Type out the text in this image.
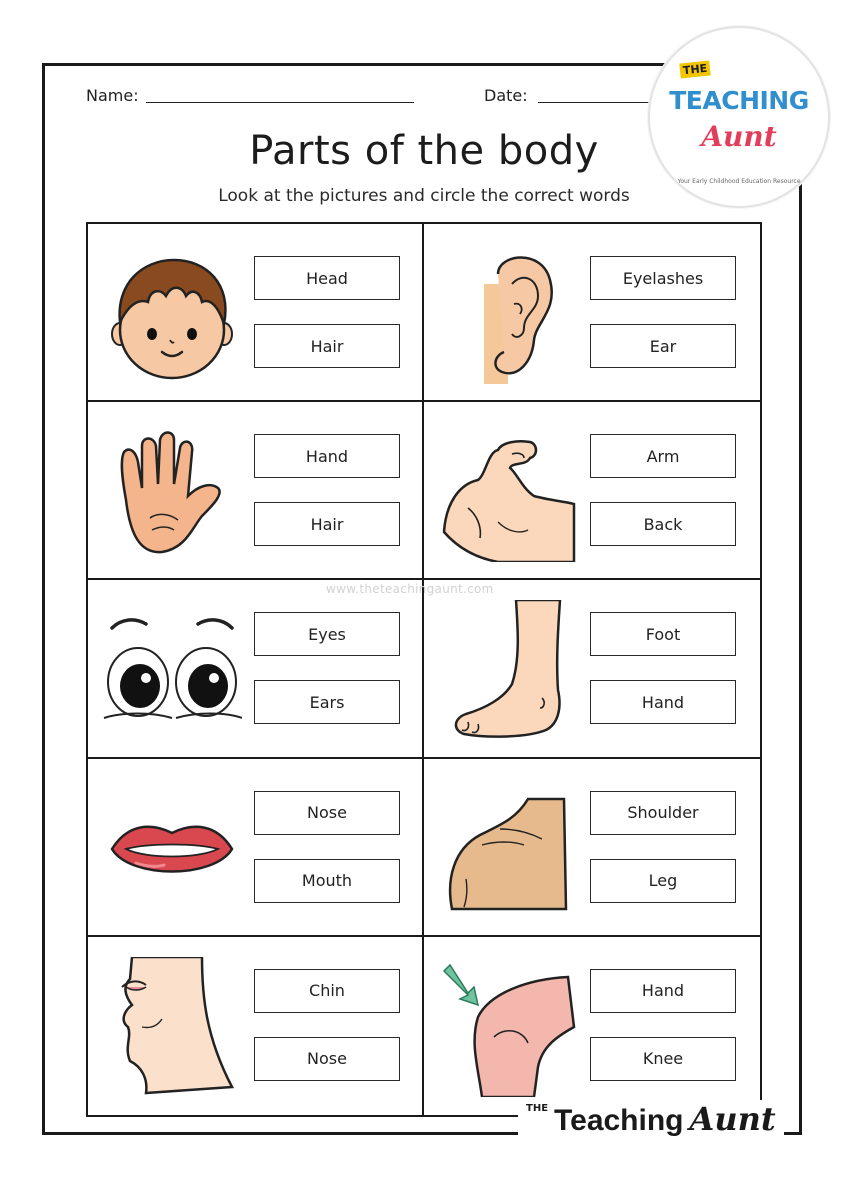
Name:	Date:
Parts of the body
Look at the pictures and circle the correct words
THE
TEACHING
Aunt
Your Early Childhood Education Resource
Head
Hair
Eyelashes
Ear
Hand
Hair
Arm
Back
Eyes
Ears
Foot
Hand
Nose
Mouth
Shoulder
Leg
Chin
Nose
Hand
Knee
www.theteachingaunt.com
THE Teaching Aunt
